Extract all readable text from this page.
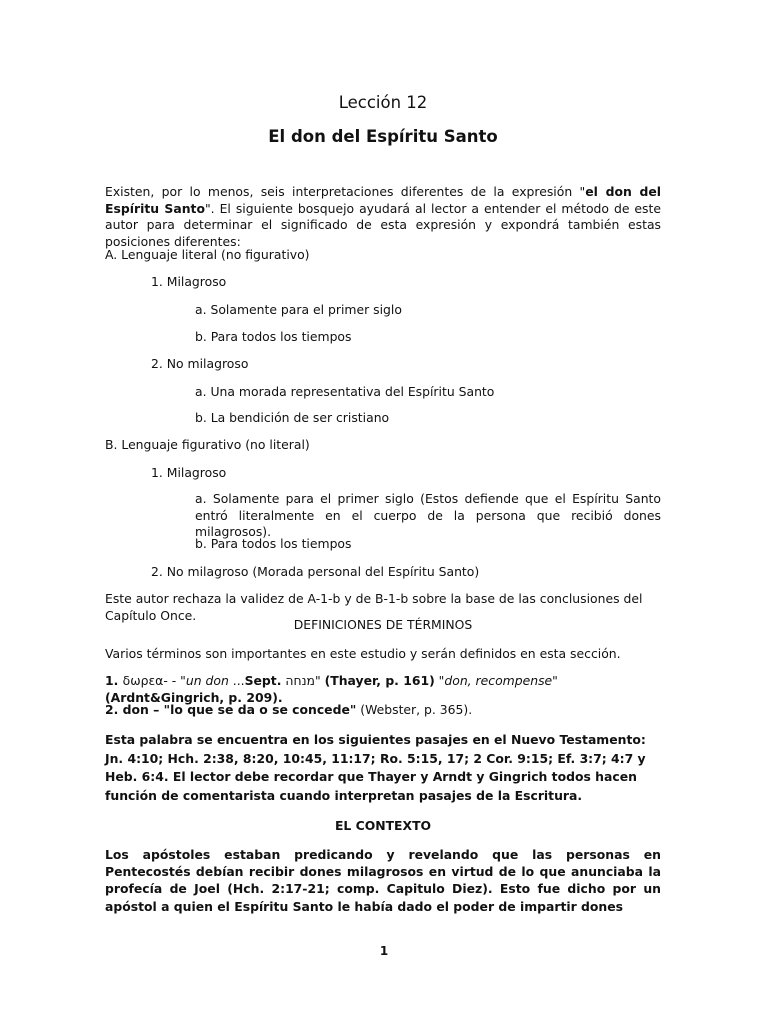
Lección 12
El don del Espíritu Santo
Existen, por lo menos, seis interpretaciones diferentes de la expresión "el don del Espíritu Santo". El siguiente bosquejo ayudará al lector a entender el método de este autor para determinar el significado de esta expresión y expondrá también estas posiciones diferentes:
A. Lenguaje literal (no figurativo)
1. Milagroso
a. Solamente para el primer siglo
b. Para todos los tiempos
2. No milagroso
a. Una morada representativa del Espíritu Santo
b. La bendición de ser cristiano
B. Lenguaje figurativo (no literal)
1. Milagroso
a. Solamente para el primer siglo (Estos defiende que el Espíritu Santo entró literalmente en el cuerpo de la persona que recibió dones milagrosos).
b. Para todos los tiempos
2. No milagroso (Morada personal del Espíritu Santo)
Este autor rechaza la validez de A-1-b y de B-1-b sobre la base de las conclusiones del Capítulo Once.
DEFINICIONES DE TÉRMINOS
Varios términos son importantes en este estudio y serán definidos en esta sección.
1. δωρεα- - "un don ...Sept. מנחה" (Thayer, p. 161) "don, recompense" (Ardnt&Gingrich, p. 209).
2. don – "lo que se da o se concede" (Webster, p. 365).
Esta palabra se encuentra en los siguientes pasajes en el Nuevo Testamento: Jn. 4:10; Hch. 2:38, 8:20, 10:45, 11:17; Ro. 5:15, 17; 2 Cor. 9:15; Ef. 3:7; 4:7 y Heb. 6:4. El lector debe recordar que Thayer y Arndt y Gingrich todos hacen función de comentarista cuando interpretan pasajes de la Escritura.
EL CONTEXTO
Los apóstoles estaban predicando y revelando que las personas en Pentecostés debían recibir dones milagrosos en virtud de lo que anunciaba la profecía de Joel (Hch. 2:17-21; comp. Capitulo Diez). Esto fue dicho por un apóstol a quien el Espíritu Santo le había dado el poder de impartir dones
1
